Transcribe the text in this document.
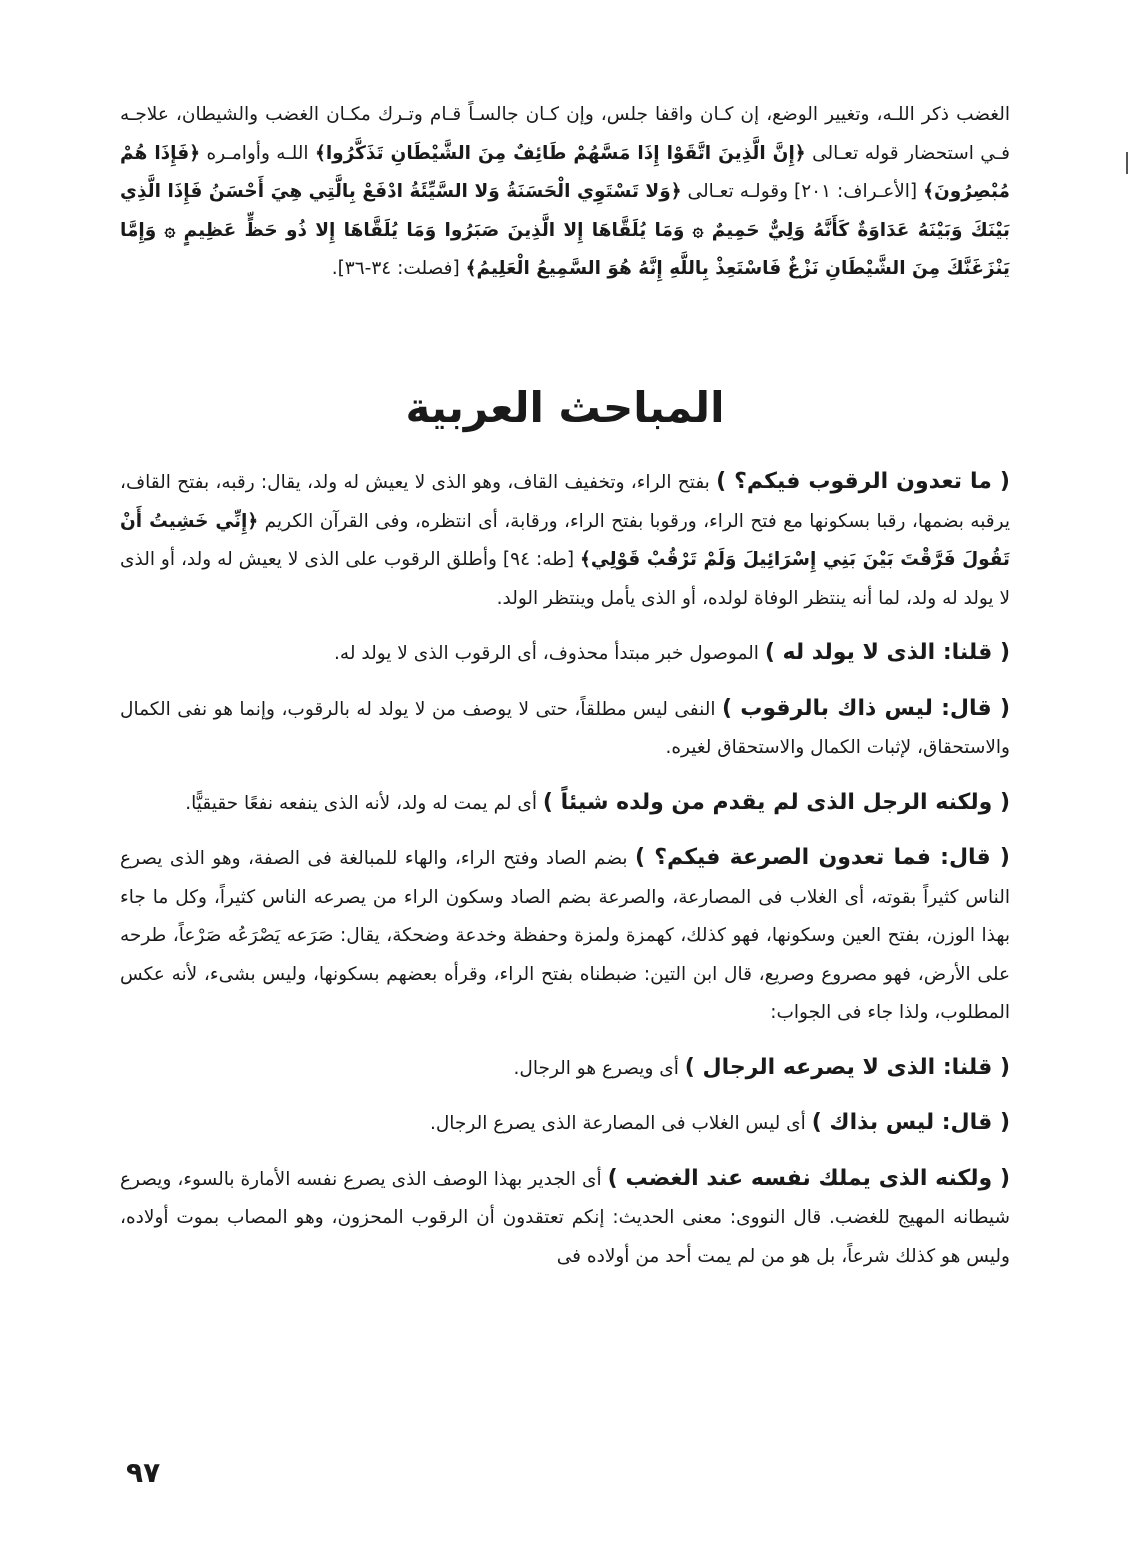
الغضب ذكر اللـه، وتغيير الوضع، إن كـان واقفا جلس، وإن كـان جالسـاً قـام وتـرك مكـان الغضب والشيطان، علاجـه فـي استحضار قوله تعـالى ﴿إِنَّ الَّذِينَ اتَّقَوْا إِذَا مَسَّهُمْ طَائِفٌ مِنَ الشَّيْطَانِ تَذَكَّرُوا﴾ اللـه وأوامـره ﴿فَإِذَا هُمْ مُبْصِرُونَ﴾ [الأعـراف: ٢٠١] وقولـه تعـالى ﴿وَلا تَسْتَوِي الْحَسَنَةُ وَلا السَّيِّئَةُ ادْفَعْ بِالَّتِي هِيَ أَحْسَنُ فَإِذَا الَّذِي بَيْنَكَ وَبَيْنَهُ عَدَاوَةٌ كَأَنَّهُ وَلِيٌّ حَمِيمٌ ۞ وَمَا يُلَقَّاهَا إِلا الَّذِينَ صَبَرُوا وَمَا يُلَقَّاهَا إِلا ذُو حَظٍّ عَظِيمٍ ۞ وَإِمَّا يَنْزَغَنَّكَ مِنَ الشَّيْطَانِ نَزْغٌ فَاسْتَعِذْ بِاللَّهِ إِنَّهُ هُوَ السَّمِيعُ الْعَلِيمُ﴾ [فصلت: ٣٤-٣٦].
المباحث العربية

( ما تعدون الرقوب فيكم؟ ) بفتح الراء، وتخفيف القاف، وهو الذى لا يعيش له ولد، يقال: رقبه، بفتح القاف، يرقبه بضمها، رقبا بسكونها مع فتح الراء، ورقوبا بفتح الراء، ورقابة، أى انتظره، وفى القرآن الكريم ﴿إِنِّي خَشِيتُ أَنْ تَقُولَ فَرَّقْتَ بَيْنَ بَنِي إِسْرَائِيلَ وَلَمْ تَرْقُبْ قَوْلِي﴾ [طه: ٩٤] وأطلق الرقوب على الذى لا يعيش له ولد، أو الذى لا يولد له ولد، لما أنه ينتظر الوفاة لولده، أو الذى يأمل وينتظر الولد.

( قلنا: الذى لا يولد له ) الموصول خبر مبتدأ محذوف، أى الرقوب الذى لا يولد له.

( قال: ليس ذاك بالرقوب ) النفى ليس مطلقاً، حتى لا يوصف من لا يولد له بالرقوب، وإنما هو نفى الكمال والاستحقاق، لإثبات الكمال والاستحقاق لغيره.

( ولكنه الرجل الذى لم يقدم من ولده شيئاً ) أى لم يمت له ولد، لأنه الذى ينفعه نفعًا حقيقيًّا.

( قال: فما تعدون الصرعة فيكم؟ ) بضم الصاد وفتح الراء، والهاء للمبالغة فى الصفة، وهو الذى يصرع الناس كثيراً بقوته، أى الغلاب فى المصارعة، والصرعة بضم الصاد وسكون الراء من يصرعه الناس كثيراً، وكل ما جاء بهذا الوزن، بفتح العين وسكونها، فهو كذلك، كهمزة ولمزة وحفظة وخدعة وضحكة، يقال: صَرَعه يَصْرَعُه صَرْعاً، طرحه على الأرض، فهو مصروع وصريع، قال ابن التين: ضبطناه بفتح الراء، وقرأه بعضهم بسكونها، وليس بشىء، لأنه عكس المطلوب، ولذا جاء فى الجواب:

( قلنا: الذى لا يصرعه الرجال ) أى ويصرع هو الرجال.

( قال: ليس بذاك ) أى ليس الغلاب فى المصارعة الذى يصرع الرجال.

( ولكنه الذى يملك نفسه عند الغضب ) أى الجدير بهذا الوصف الذى يصرع نفسه الأمارة بالسوء، ويصرع شيطانه المهيج للغضب. قال النووى: معنى الحديث: إنكم تعتقدون أن الرقوب المحزون، وهو المصاب بموت أولاده، وليس هو كذلك شرعاً، بل هو من لم يمت أحد من أولاده فى

٩٧
